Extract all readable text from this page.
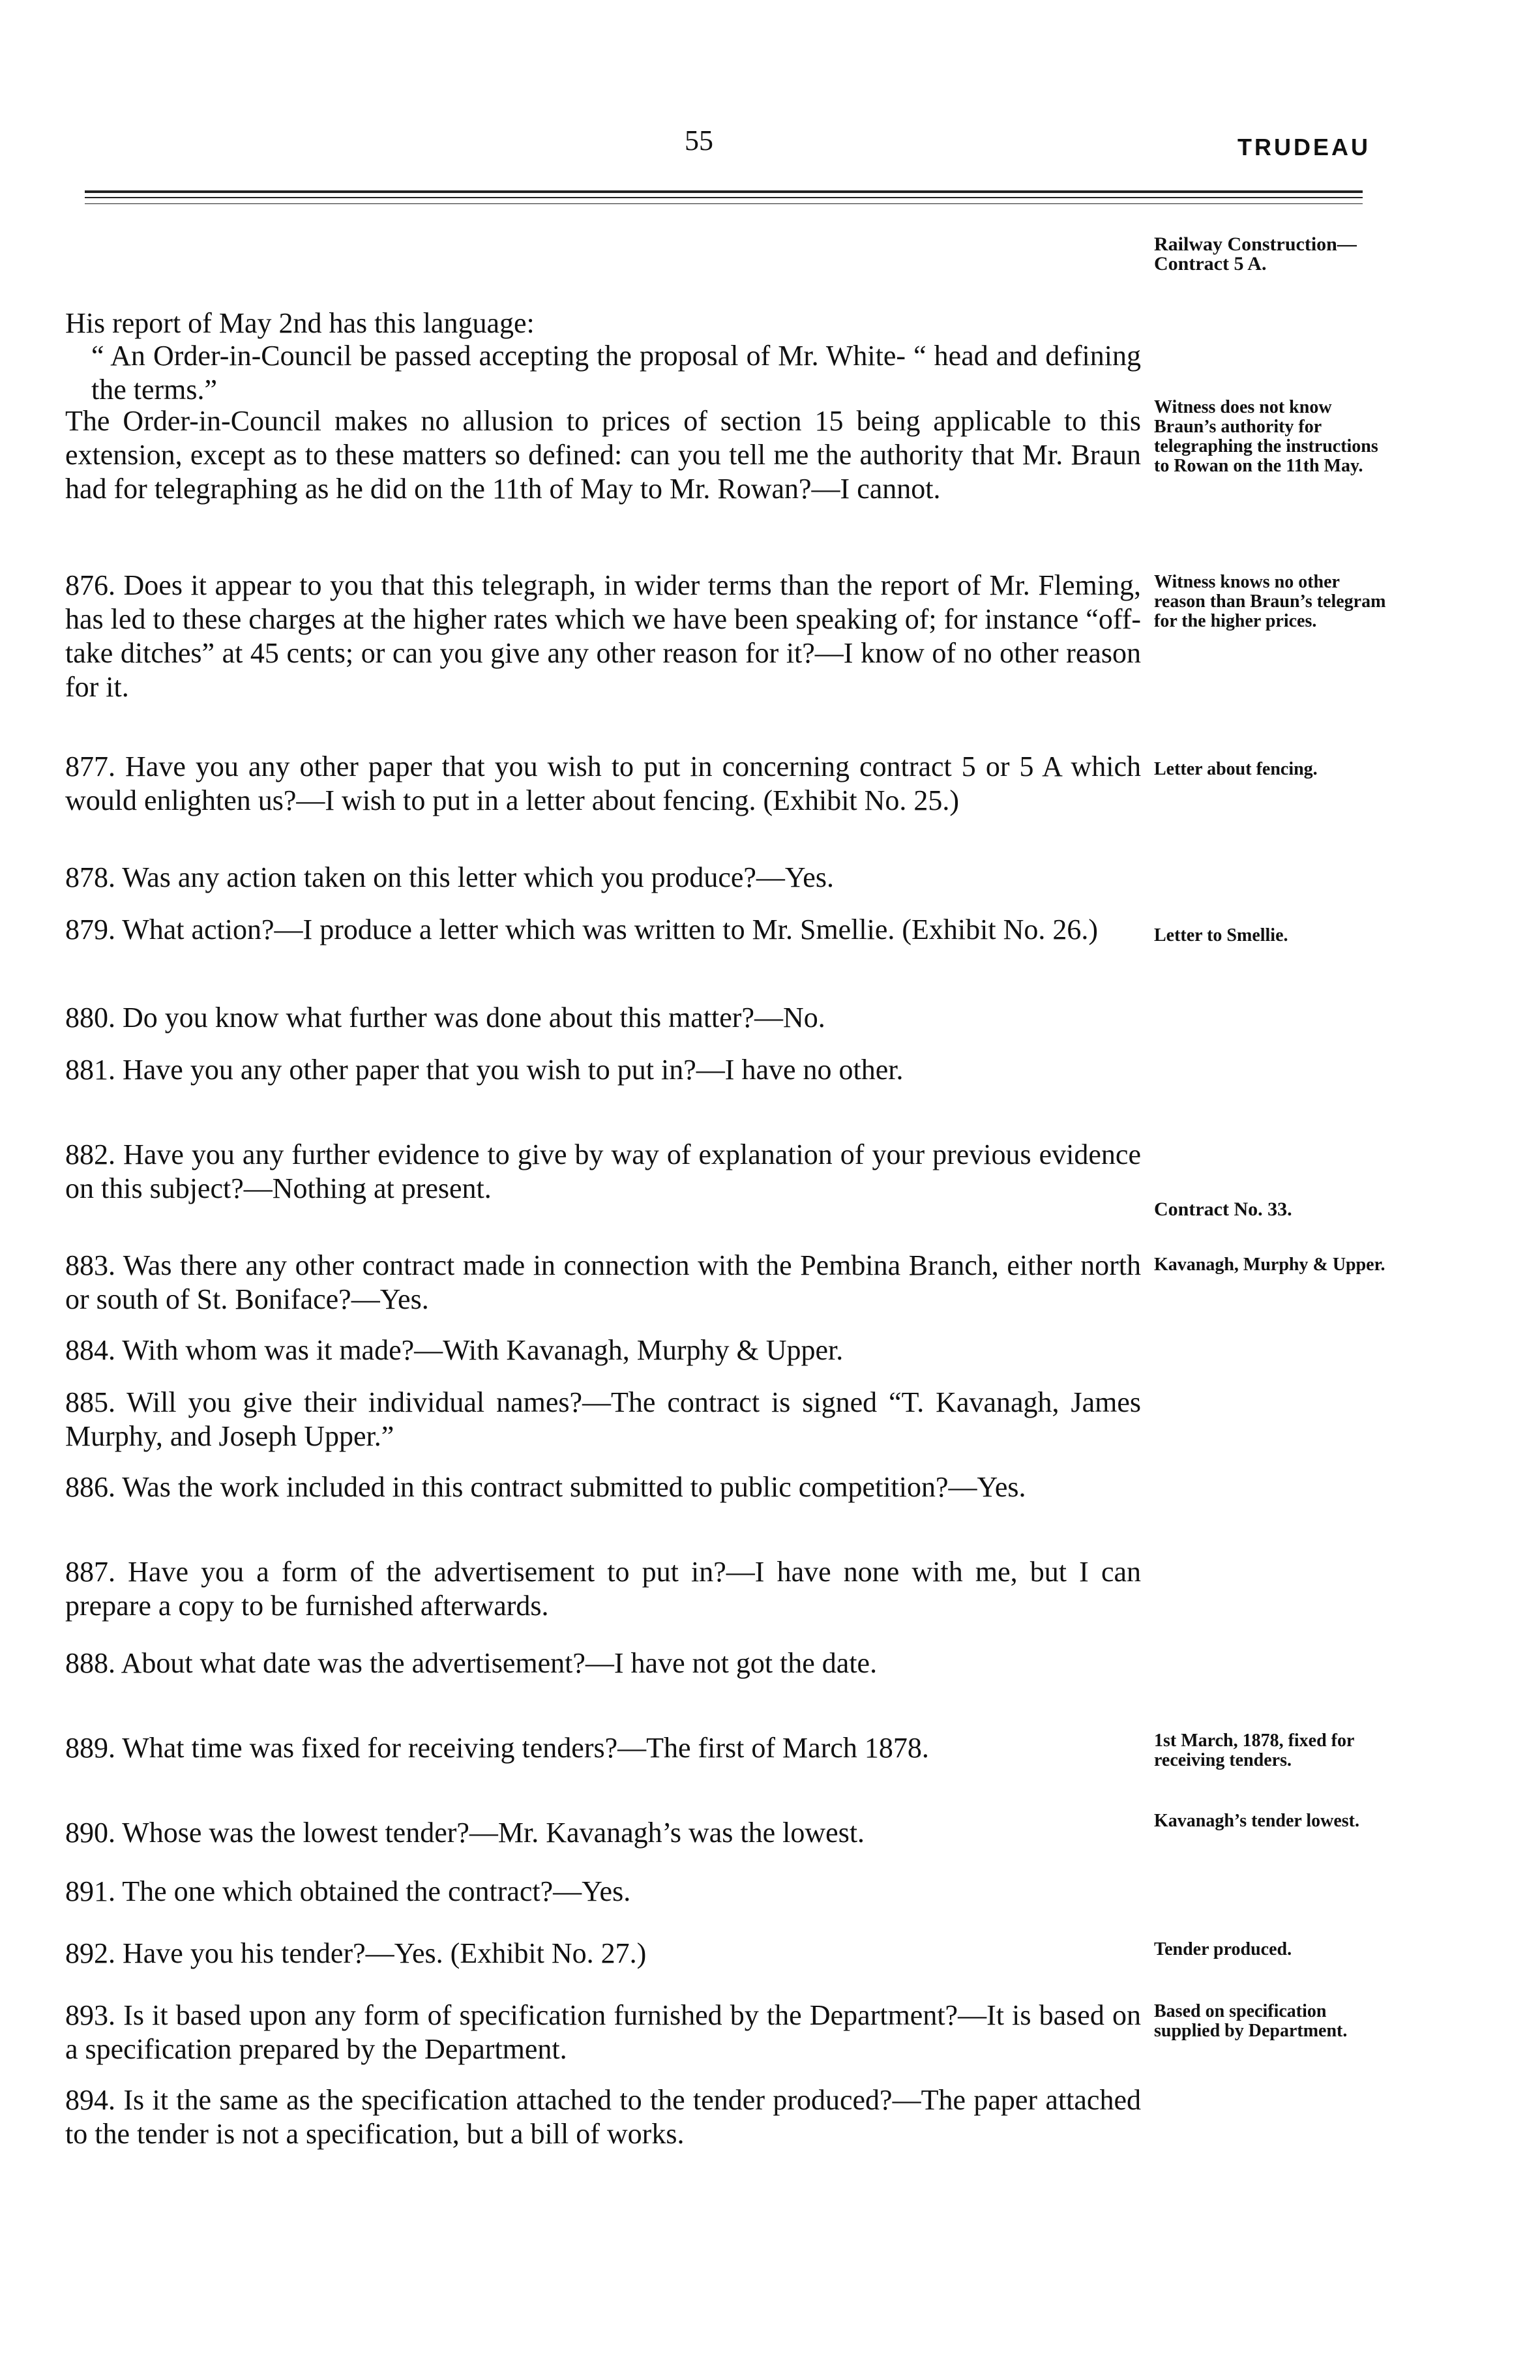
55	TRUDEAU
Railway Construction—Contract 5 A.
His report of May 2nd has this language:
“ An Order-in-Council be passed accepting the proposal of Mr. White- “ head and defining the terms.”
The Order-in-Council makes no allusion to prices of section 15 being applicable to this extension, except as to these matters so defined: can you tell me the authority that Mr. Braun had for telegraphing as he did on the 11th of May to Mr. Rowan?—I cannot.
876. Does it appear to you that this telegraph, in wider terms than the report of Mr. Fleming, has led to these charges at the higher rates which we have been speaking of; for instance “off-take ditches” at 45 cents; or can you give any other reason for it?—I know of no other reason for it.
877. Have you any other paper that you wish to put in concerning contract 5 or 5 A which would enlighten us?—I wish to put in a letter about fencing. (Exhibit No. 25.)
878. Was any action taken on this letter which you produce?—Yes.
879. What action?—I produce a letter which was written to Mr. Smellie. (Exhibit No. 26.)
880. Do you know what further was done about this matter?—No.
881. Have you any other paper that you wish to put in?—I have no other.
882. Have you any further evidence to give by way of explanation of your previous evidence on this subject?—Nothing at present.
883. Was there any other contract made in connection with the Pembina Branch, either north or south of St. Boniface?—Yes.
884. With whom was it made?—With Kavanagh, Murphy & Upper.
885. Will you give their individual names?—The contract is signed “T. Kavanagh, James Murphy, and Joseph Upper.”
886. Was the work included in this contract submitted to public competition?—Yes.
887. Have you a form of the advertisement to put in?—I have none with me, but I can prepare a copy to be furnished afterwards.
888. About what date was the advertisement?—I have not got the date.
889. What time was fixed for receiving tenders?—The first of March 1878.
890. Whose was the lowest tender?—Mr. Kavanagh’s was the lowest.
891. The one which obtained the contract?—Yes.
892. Have you his tender?—Yes. (Exhibit No. 27.)
893. Is it based upon any form of specification furnished by the Department?—It is based on a specification prepared by the Department.
894. Is it the same as the specification attached to the tender produced?—The paper attached to the tender is not a specification, but a bill of works.
Witness does not know Braun’s authority for telegraphing the instructions to Rowan on the 11th May.
Witness knows no other reason than Braun’s telegram for the higher prices.
Letter about fencing.
Letter to Smellie.
Contract No. 33.
Kavanagh, Murphy & Upper.
1st March, 1878, fixed for receiving tenders.
Kavanagh’s tender lowest.
Tender produced.
Based on specification supplied by Department.
